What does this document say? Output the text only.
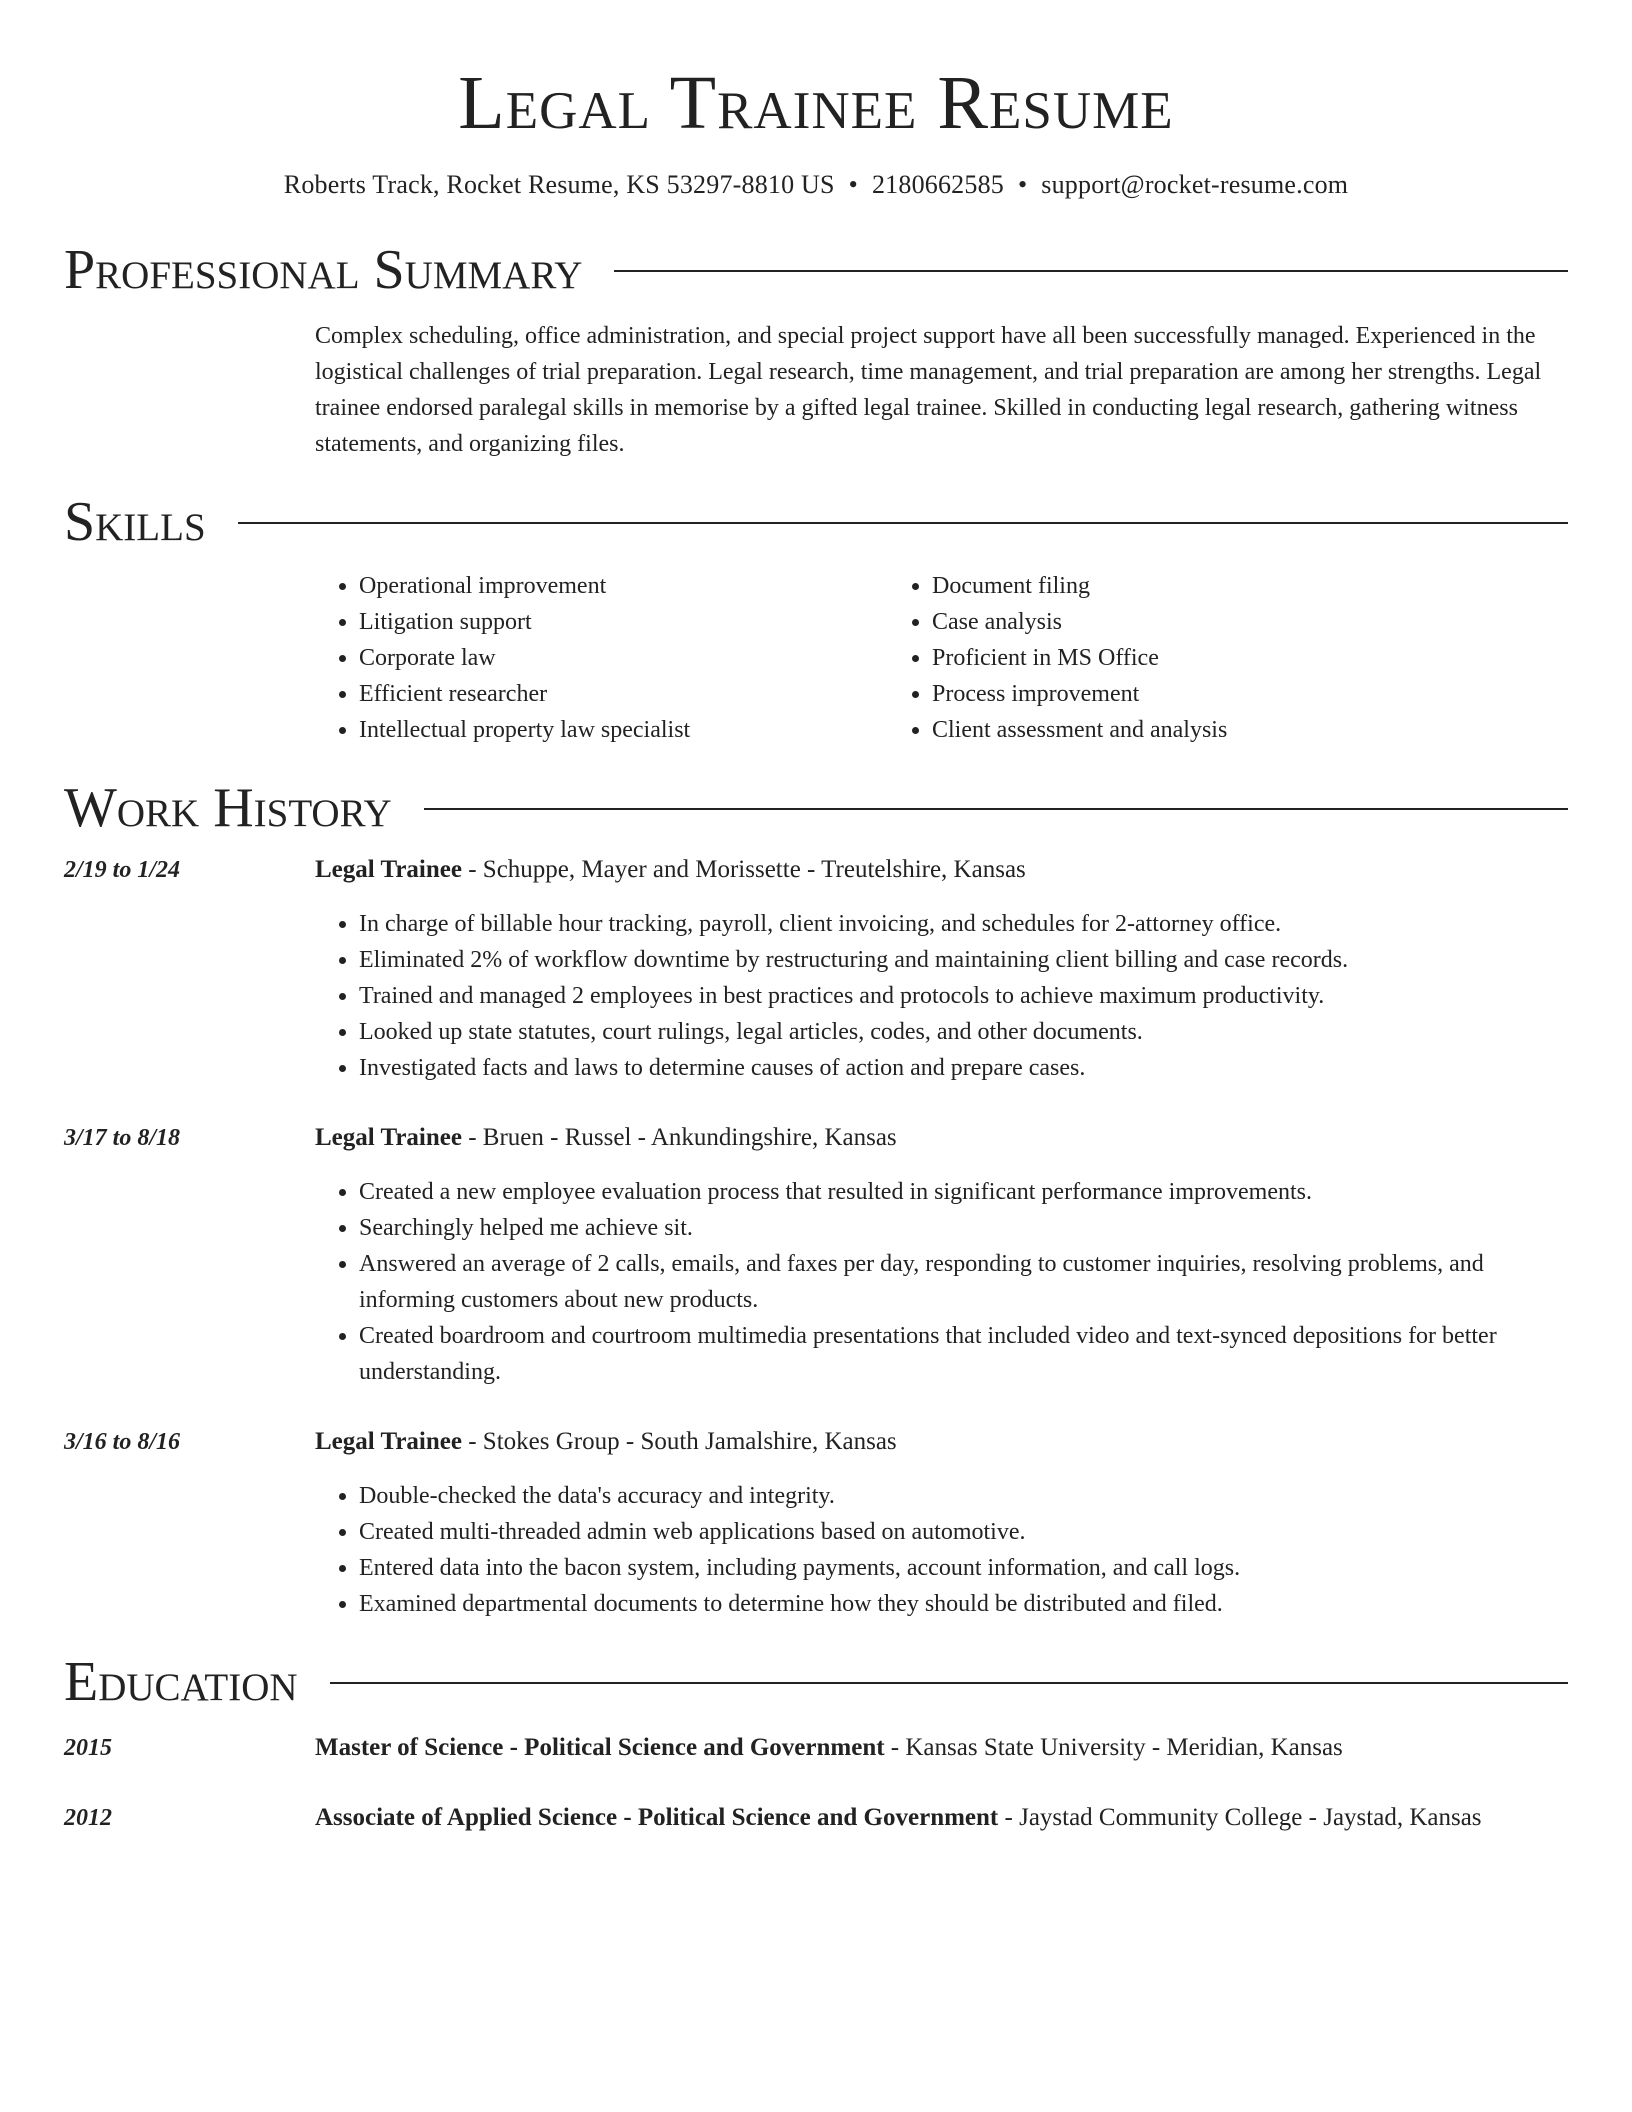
Legal Trainee Resume
Roberts Track, Rocket Resume, KS 53297-8810 US • 2180662585 • support@rocket-resume.com
Professional Summary
Complex scheduling, office administration, and special project support have all been successfully managed. Experienced in the logistical challenges of trial preparation. Legal research, time management, and trial preparation are among her strengths. Legal trainee endorsed paralegal skills in memorise by a gifted legal trainee. Skilled in conducting legal research, gathering witness statements, and organizing files.
Skills
• Operational improvement
• Litigation support
• Corporate law
• Efficient researcher
• Intellectual property law specialist
• Document filing
• Case analysis
• Proficient in MS Office
• Process improvement
• Client assessment and analysis
Work History
2/19 to 1/24	Legal Trainee - Schuppe, Mayer and Morissette - Treutelshire, Kansas
• In charge of billable hour tracking, payroll, client invoicing, and schedules for 2-attorney office.
• Eliminated 2% of workflow downtime by restructuring and maintaining client billing and case records.
• Trained and managed 2 employees in best practices and protocols to achieve maximum productivity.
• Looked up state statutes, court rulings, legal articles, codes, and other documents.
• Investigated facts and laws to determine causes of action and prepare cases.
3/17 to 8/18	Legal Trainee - Bruen - Russel - Ankundingshire, Kansas
• Created a new employee evaluation process that resulted in significant performance improvements.
• Searchingly helped me achieve sit.
• Answered an average of 2 calls, emails, and faxes per day, responding to customer inquiries, resolving problems, and informing customers about new products.
• Created boardroom and courtroom multimedia presentations that included video and text-synced depositions for better understanding.
3/16 to 8/16	Legal Trainee - Stokes Group - South Jamalshire, Kansas
• Double-checked the data's accuracy and integrity.
• Created multi-threaded admin web applications based on automotive.
• Entered data into the bacon system, including payments, account information, and call logs.
• Examined departmental documents to determine how they should be distributed and filed.
Education
2015	Master of Science - Political Science and Government - Kansas State University - Meridian, Kansas
2012	Associate of Applied Science - Political Science and Government - Jaystad Community College - Jaystad, Kansas
